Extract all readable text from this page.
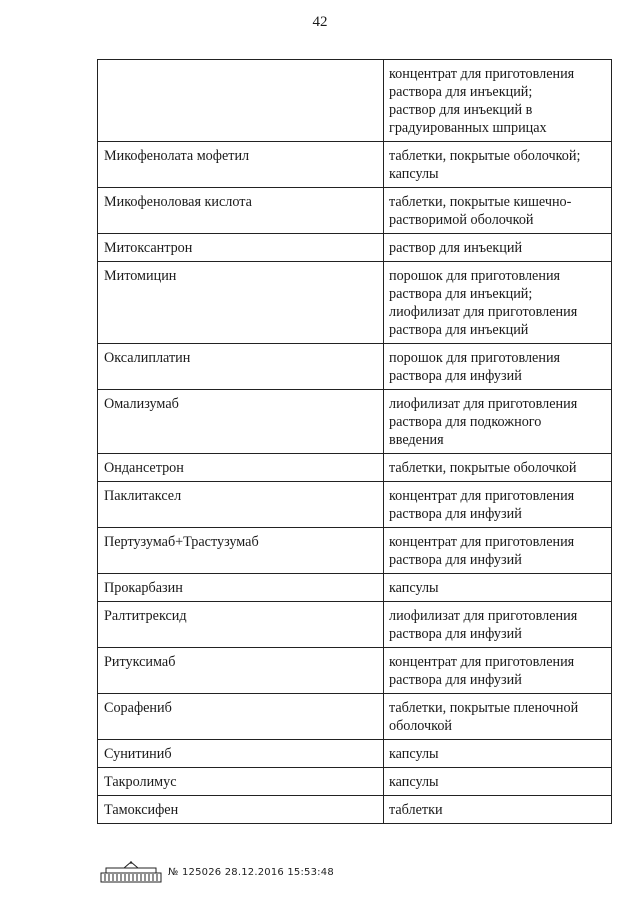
42
	концентрат для приготовления
раствора для инъекций;
раствор для инъекций в
градуированных шприцах
Микофенолата мофетил	таблетки, покрытые оболочкой;
капсулы
Микофеноловая кислота	таблетки, покрытые кишечно-
растворимой оболочкой
Митоксантрон	раствор для инъекций
Митомицин	порошок для приготовления
раствора для инъекций;
лиофилизат для приготовления
раствора для инъекций
Оксалиплатин	порошок для приготовления
раствора для инфузий
Омализумаб	лиофилизат для приготовления
раствора для подкожного
введения
Ондансетрон	таблетки, покрытые оболочкой
Паклитаксел	концентрат для приготовления
раствора для инфузий
Пертузумаб+Трастузумаб	концентрат для приготовления
раствора для инфузий
Прокарбазин	капсулы
Ралтитрексид	лиофилизат для приготовления
раствора для инфузий
Ритуксимаб	концентрат для приготовления
раствора для инфузий
Сорафениб	таблетки, покрытые пленочной
оболочкой
Сунитиниб	капсулы
Такролимус	капсулы
Тамоксифен	таблетки
№ 125026 28.12.2016 15:53:48
